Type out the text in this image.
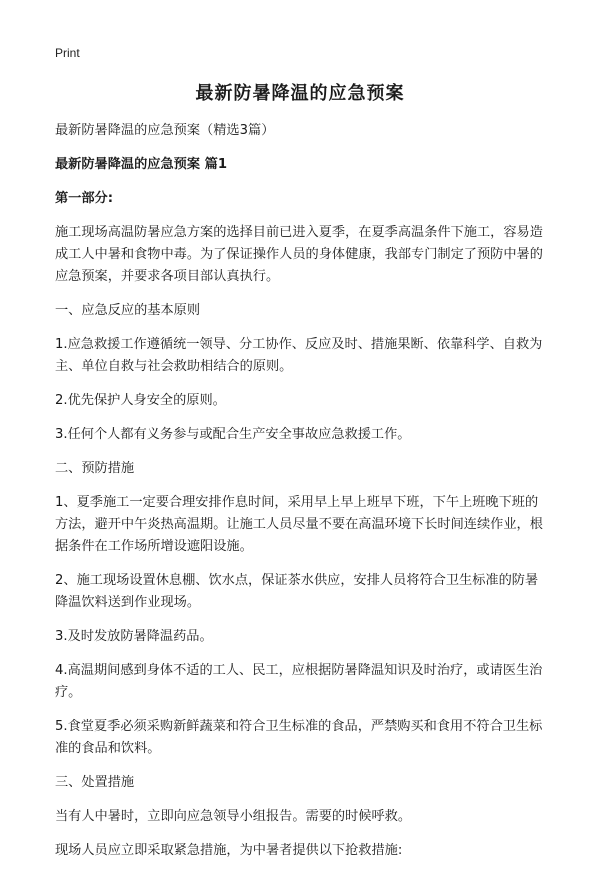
Print
最新防暑降温的应急预案
最新防暑降温的应急预案（精选3篇）
最新防暑降温的应急预案 篇1
第一部分:
施工现场高温防暑应急方案的选择目前已进入夏季，在夏季高温条件下施工，容易造成工人中暑和食物中毒。为了保证操作人员的身体健康，我部专门制定了预防中暑的应急预案，并要求各项目部认真执行。
一、应急反应的基本原则
1.应急救援工作遵循统一领导、分工协作、反应及时、措施果断、依靠科学、自救为主、单位自救与社会救助相结合的原则。
2.优先保护人身安全的原则。
3.任何个人都有义务参与或配合生产安全事故应急救援工作。
二、预防措施
1、夏季施工一定要合理安排作息时间，采用早上早上班早下班，下午上班晚下班的方法，避开中午炎热高温期。让施工人员尽量不要在高温环境下长时间连续作业，根据条件在工作场所增设遮阳设施。
2、施工现场设置休息棚、饮水点，保证茶水供应，安排人员将符合卫生标准的防暑降温饮料送到作业现场。
3.及时发放防暑降温药品。
4.高温期间感到身体不适的工人、民工，应根据防暑降温知识及时治疗，或请医生治疗。
5.食堂夏季必须采购新鲜蔬菜和符合卫生标准的食品，严禁购买和食用不符合卫生标准的食品和饮料。
三、处置措施
当有人中暑时，立即向应急领导小组报告。需要的时候呼救。
现场人员应立即采取紧急措施，为中暑者提供以下抢救措施:
